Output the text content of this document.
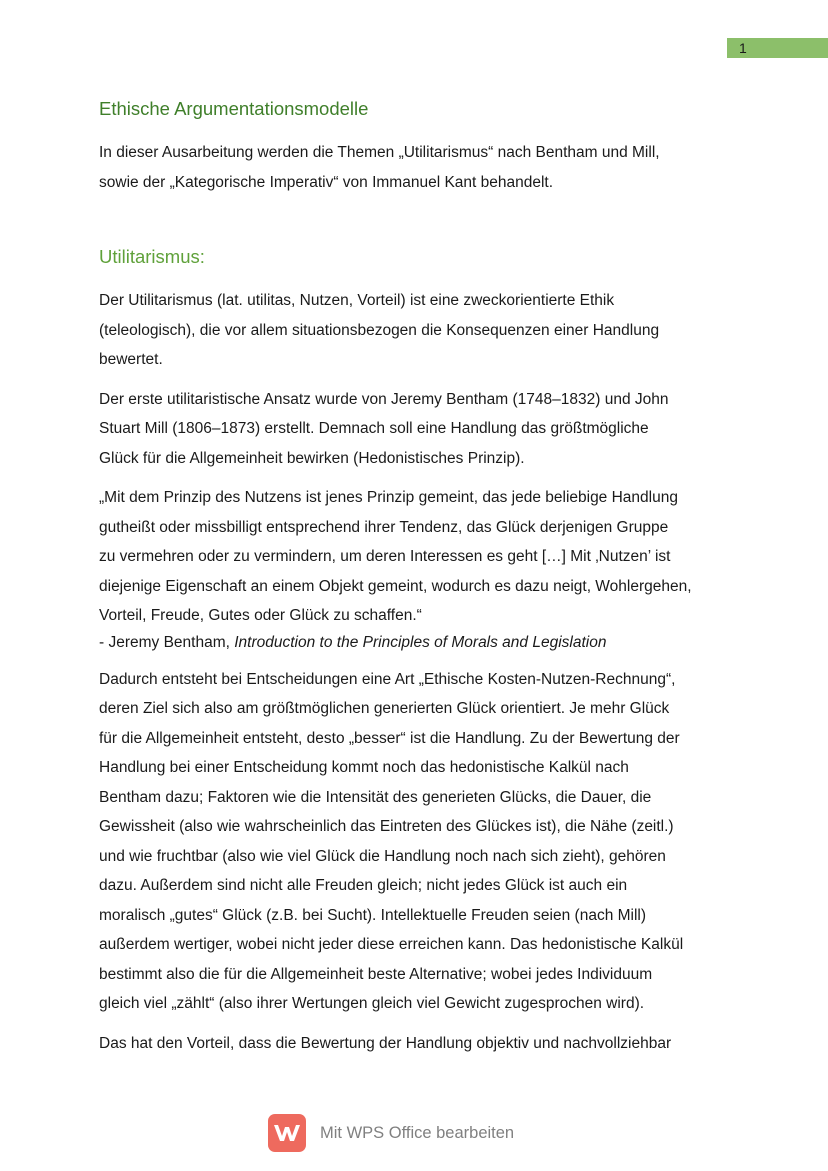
1
Ethische Argumentationsmodelle

In dieser Ausarbeitung werden die Themen „Utilitarismus“ nach Bentham und Mill,
sowie der „Kategorische Imperativ“ von Immanuel Kant behandelt.

Utilitarismus:

Der Utilitarismus (lat. utilitas, Nutzen, Vorteil) ist eine zweckorientierte Ethik
(teleologisch), die vor allem situationsbezogen die Konsequenzen einer Handlung
bewertet.

Der erste utilitaristische Ansatz wurde von Jeremy Bentham (1748–1832) und John
Stuart Mill (1806–1873) erstellt. Demnach soll eine Handlung das größtmögliche
Glück für die Allgemeinheit bewirken (Hedonistisches Prinzip).

„Mit dem Prinzip des Nutzens ist jenes Prinzip gemeint, das jede beliebige Handlung
gutheißt oder missbilligt entsprechend ihrer Tendenz, das Glück derjenigen Gruppe
zu vermehren oder zu vermindern, um deren Interessen es geht […] Mit ‚Nutzen’ ist
diejenige Eigenschaft an einem Objekt gemeint, wodurch es dazu neigt, Wohlergehen,
Vorteil, Freude, Gutes oder Glück zu schaffen.“

- Jeremy Bentham, Introduction to the Principles of Morals and Legislation

Dadurch entsteht bei Entscheidungen eine Art „Ethische Kosten-Nutzen-Rechnung“,
deren Ziel sich also am größtmöglichen generierten Glück orientiert. Je mehr Glück
für die Allgemeinheit entsteht, desto „besser“ ist die Handlung. Zu der Bewertung der
Handlung bei einer Entscheidung kommt noch das hedonistische Kalkül nach
Bentham dazu; Faktoren wie die Intensität des generieten Glücks, die Dauer, die
Gewissheit (also wie wahrscheinlich das Eintreten des Glückes ist), die Nähe (zeitl.)
und wie fruchtbar (also wie viel Glück die Handlung noch nach sich zieht), gehören
dazu. Außerdem sind nicht alle Freuden gleich; nicht jedes Glück ist auch ein
moralisch „gutes“ Glück (z.B. bei Sucht). Intellektuelle Freuden seien (nach Mill)
außerdem wertiger, wobei nicht jeder diese erreichen kann. Das hedonistische Kalkül
bestimmt also die für die Allgemeinheit beste Alternative; wobei jedes Individuum
gleich viel „zählt“ (also ihrer Wertungen gleich viel Gewicht zugesprochen wird).

Das hat den Vorteil, dass die Bewertung der Handlung objektiv und nachvollziehbar

Mit WPS Office bearbeiten
